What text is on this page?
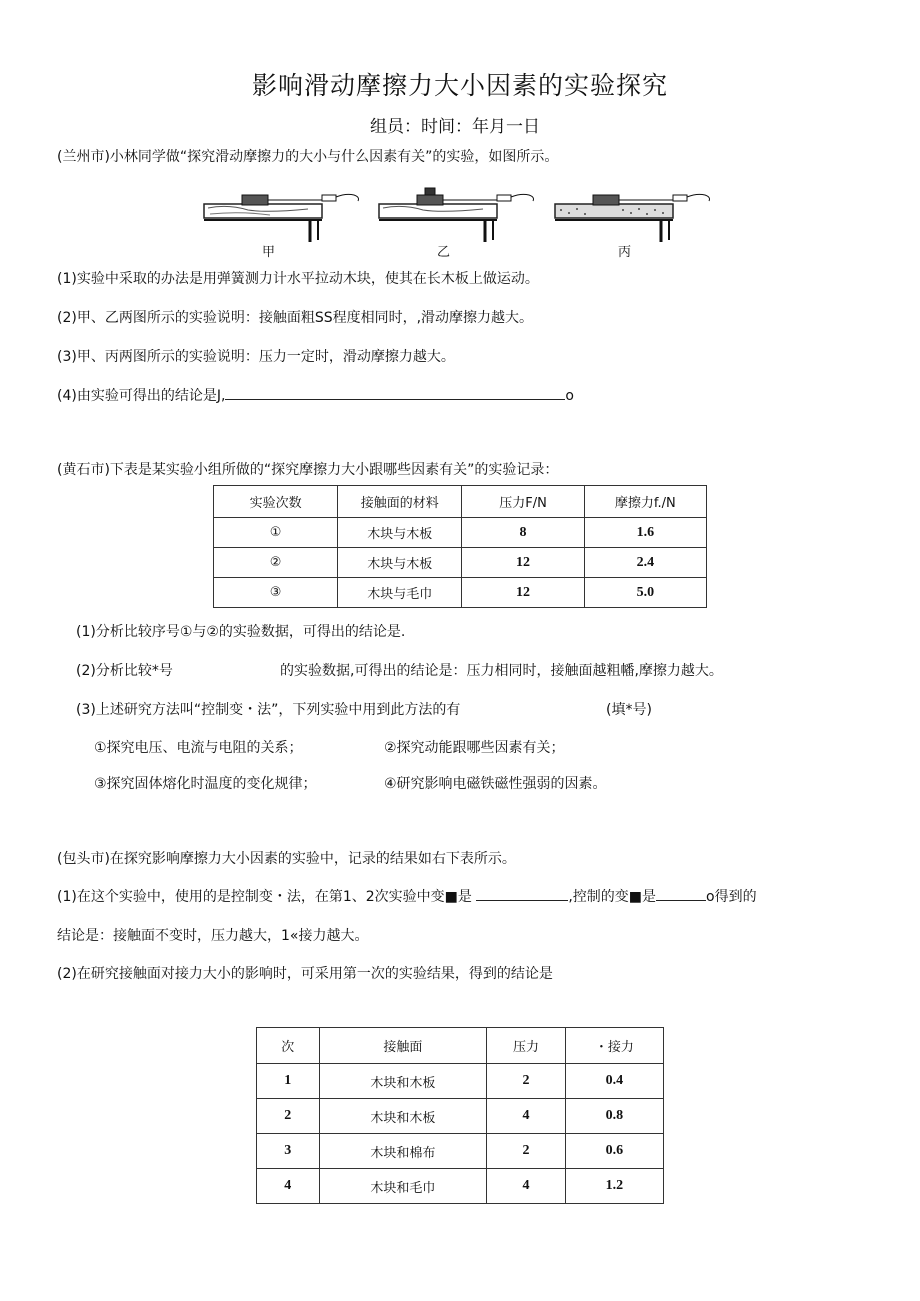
影响滑动摩擦力大小因素的实验探究
组员：时间：年月一日
(兰州市)小林同学做“探究滑动摩擦力的大小与什么因素有关”的实验，如图所示。
甲	乙	丙
(1)实验中采取的办法是用弹簧测力计水平拉动木块，使其在长木板上做运动。
(2)甲、乙两图所示的实验说明：接触面粗SS程度相同时，,滑动摩擦力越大。
(3)甲、丙两图所示的实验说明：压力一定时，滑动摩擦力越大。
(4)由实验可得出的结论是J,	o
(黄石市)下表是某实验小组所做的“探究摩擦力大小跟哪些因素有关”的实验记录：
实验次数	接触面的材料	压力F/N	摩擦力f./N
①	木块与木板	8	1.6
②	木块与木板	12	2.4
③	木块与毛巾	12	5.0
(1)分析比较序号①与②的实验数据，可得出的结论是.
(2)分析比较*号	的实验数据,可得出的结论是：压力相同时，接触面越粗幡,摩擦力越大。
(3)上述研究方法叫“控制变・法”，下列实验中用到此方法的有	(填*号)
①探究电压、电流与电阻的关系；	②探究动能跟哪些因素有关；
③探究固体熔化时温度的变化规律；	④研究影响电磁铁磁性强弱的因素。
(包头市)在探究影响摩擦力大小因素的实验中，记录的结果如右下表所示。
(1)在这个实验中，使用的是控制变・法，在第1、2次实验中变■是	,控制的变■是	o得到的
结论是：接触面不变时，压力越大，1«接力越大。
(2)在研究接触面对接力大小的影响时，可采用第一次的实验结果，得到的结论是
次	接触面	压力	・接力
1	木块和木板	2	0.4
2	木块和木板	4	0.8
3	木块和棉布	2	0.6
4	木块和毛巾	4	1.2
